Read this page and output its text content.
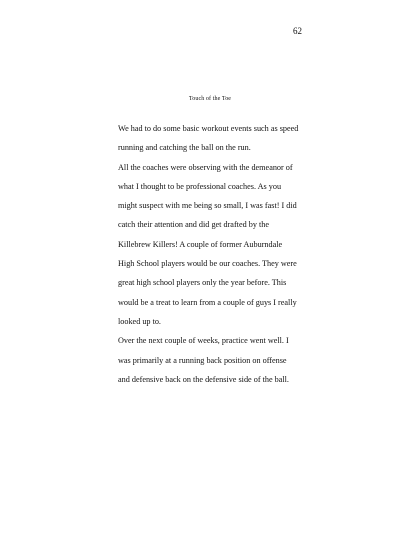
62
Touch of the Toe
We had to do some basic workout events such as speed
running and catching the ball on the run.
All the coaches were observing with the demeanor of
what I thought to be professional coaches. As you
might suspect with me being so small, I was fast! I did
catch their attention and did get drafted by the
Killebrew Killers! A couple of former Auburndale
High School players would be our coaches. They were
great high school players only the year before. This
would be a treat to learn from a couple of guys I really
looked up to.
Over the next couple of weeks, practice went well. I
was primarily at a running back position on offense
and defensive back on the defensive side of the ball.
